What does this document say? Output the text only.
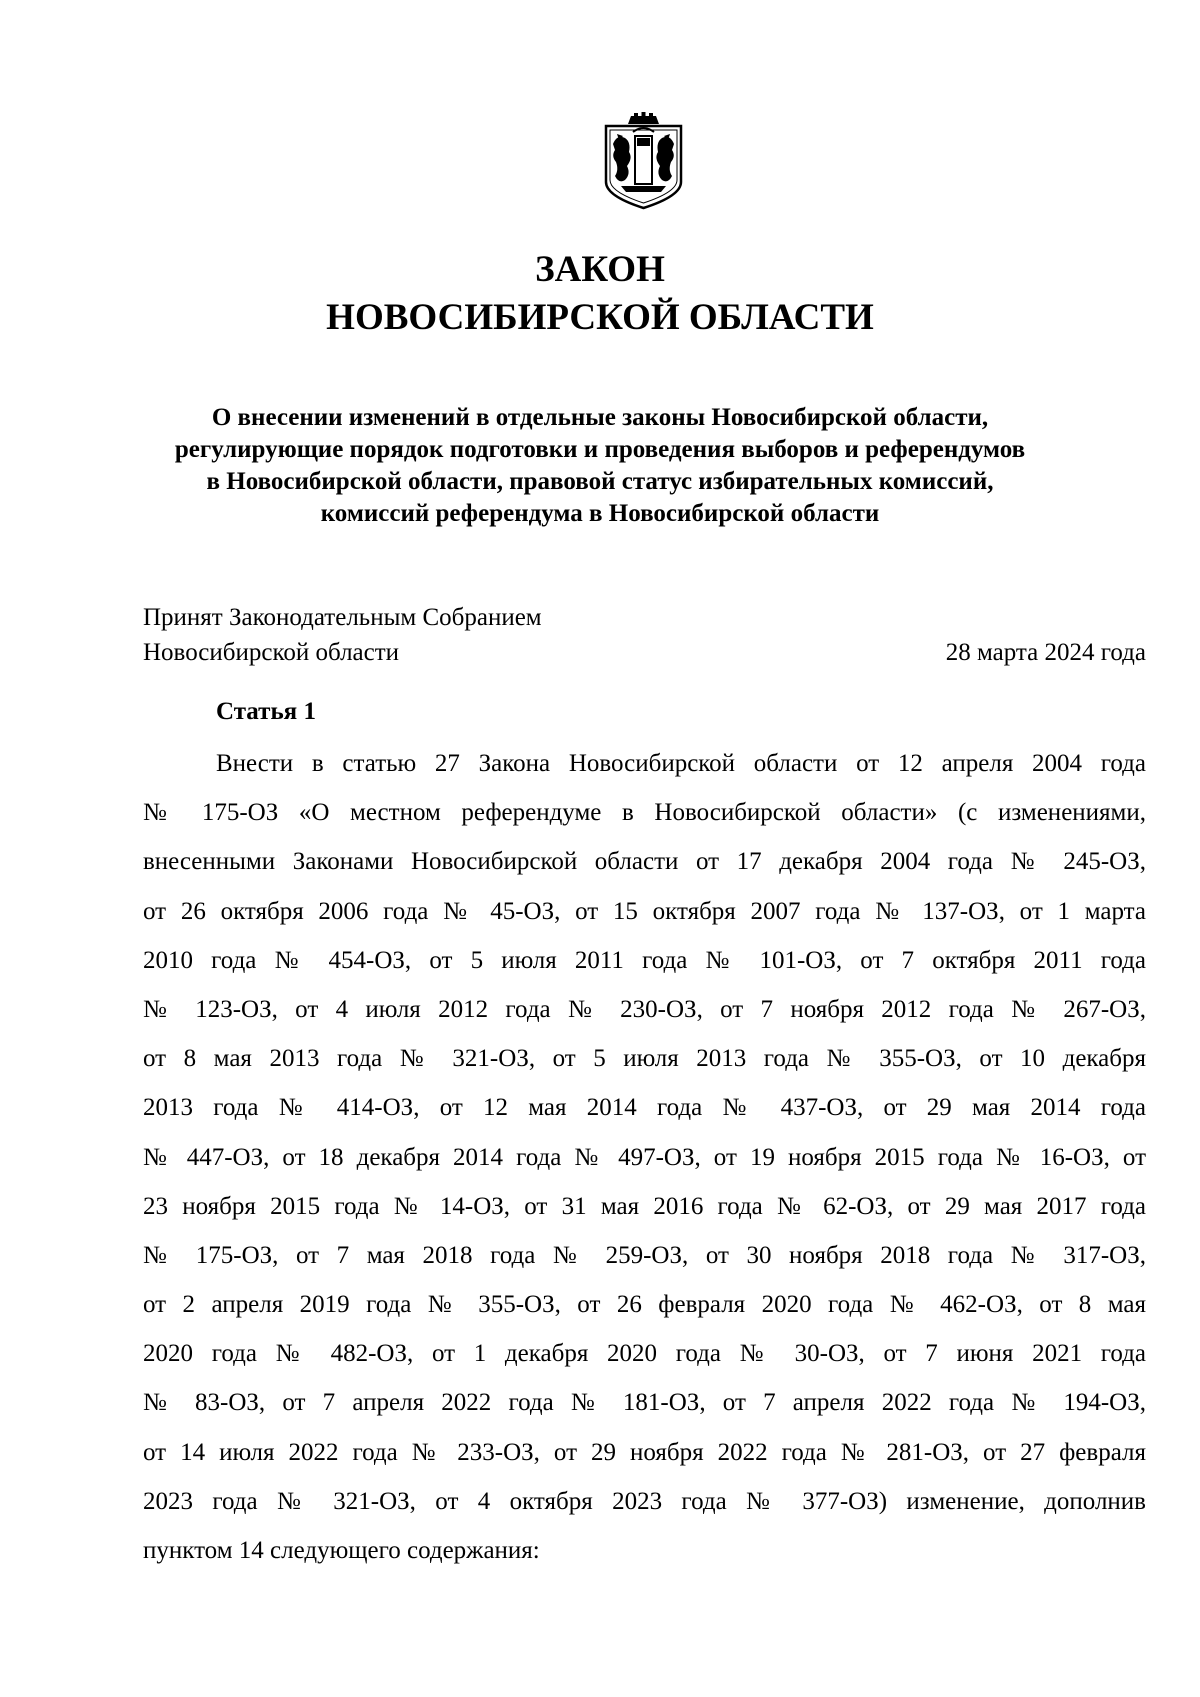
ЗАКОН
НОВОСИБИРСКОЙ ОБЛАСТИ
О внесении изменений в отдельные законы Новосибирской области,
регулирующие порядок подготовки и проведения выборов и референдумов
в Новосибирской области, правовой статус избирательных комиссий,
комиссий референдума в Новосибирской области
Принят Законодательным Собранием
Новосибирской области	28 марта 2024 года
Статья 1
Внести в статью 27 Закона Новосибирской области от 12 апреля 2004 года
№ 175-ОЗ «О местном референдуме в Новосибирской области» (с изменениями,
внесенными Законами Новосибирской области от 17 декабря 2004 года № 245-ОЗ,
от 26 октября 2006 года № 45-ОЗ, от 15 октября 2007 года № 137-ОЗ, от 1 марта
2010 года № 454-ОЗ, от 5 июля 2011 года № 101-ОЗ, от 7 октября 2011 года
№ 123-ОЗ, от 4 июля 2012 года № 230-ОЗ, от 7 ноября 2012 года № 267-ОЗ,
от 8 мая 2013 года № 321-ОЗ, от 5 июля 2013 года № 355-ОЗ, от 10 декабря
2013 года № 414-ОЗ, от 12 мая 2014 года № 437-ОЗ, от 29 мая 2014 года
№ 447-ОЗ, от 18 декабря 2014 года № 497-ОЗ, от 19 ноября 2015 года № 16-ОЗ, от
23 ноября 2015 года № 14-ОЗ, от 31 мая 2016 года № 62-ОЗ, от 29 мая 2017 года
№ 175-ОЗ, от 7 мая 2018 года № 259-ОЗ, от 30 ноября 2018 года № 317-ОЗ,
от 2 апреля 2019 года № 355-ОЗ, от 26 февраля 2020 года № 462-ОЗ, от 8 мая
2020 года № 482-ОЗ, от 1 декабря 2020 года № 30-ОЗ, от 7 июня 2021 года
№ 83-ОЗ, от 7 апреля 2022 года № 181-ОЗ, от 7 апреля 2022 года № 194-ОЗ,
от 14 июля 2022 года № 233-ОЗ, от 29 ноября 2022 года № 281-ОЗ, от 27 февраля
2023 года № 321-ОЗ, от 4 октября 2023 года № 377-ОЗ) изменение, дополнив
пунктом 14 следующего содержания:
